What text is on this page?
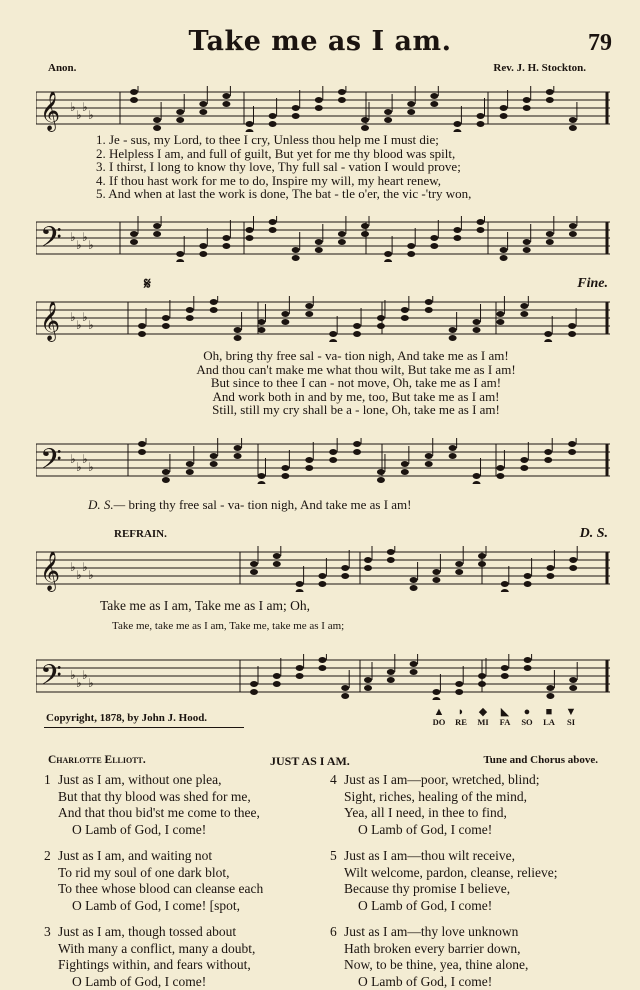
Take me as I am.	79
Anon.	Rev. J. H. Stockton.
𝄞 ♭
♭
♭
♭
1. Je - sus, my Lord, to thee I cry, Unless thou help me I must die;
2. Helpless I am, and full of guilt, But yet for me thy blood was spilt,
3. I thirst, I long to know thy love, Thy full sal - vation I would prove;
4. If thou hast work for me to do, Inspire my will, my heart renew,
5. And when at last the work is done, The bat - tle o'er, the vic -'try won,
𝄢 ♭
♭
♭
♭
𝄋	Fine.
𝄞 ♭
♭
♭
♭
Oh, bring thy free sal - va- tion nigh, And take me as I am!
And thou can't make me what thou wilt, But take me as I am!
But since to thee I can - not move, Oh, take me as I am!
And work both in and by me, too, But take me as I am!
Still, still my cry shall be a - lone, Oh, take me as I am!
𝄢 ♭
♭
♭
♭
D. S.— bring thy free sal - va- tion nigh, And take me as I am!
REFRAIN.	D. S.
𝄞 ♭
♭
♭
♭
Take me as I am, Take me as I am; Oh,
Take me, take me as I am, Take me, take me as I am;
𝄢 ♭
♭
♭
♭
Copyright, 1878, by John J. Hood.	▲ ◗ ◆ ◣ ● ■ ▼
DO RE MI FA SO LA SI
Charlotte Elliott.	JUST AS I AM.	Tune and Chorus above.
1 Just as I am, without one plea,
But that thy blood was shed for me,
And that thou bid'st me come to thee,
O Lamb of God, I come!
2 Just as I am, and waiting not
To rid my soul of one dark blot,
To thee whose blood can cleanse each
O Lamb of God, I come! [spot,
3 Just as I am, though tossed about
With many a conflict, many a doubt,
Fightings within, and fears without,
O Lamb of God, I come!
4 Just as I am—poor, wretched, blind;
Sight, riches, healing of the mind,
Yea, all I need, in thee to find,
O Lamb of God, I come!
5 Just as I am—thou wilt receive,
Wilt welcome, pardon, cleanse, relieve;
Because thy promise I believe,
O Lamb of God, I come!
6 Just as I am—thy love unknown
Hath broken every barrier down,
Now, to be thine, yea, thine alone,
O Lamb of God, I come!
